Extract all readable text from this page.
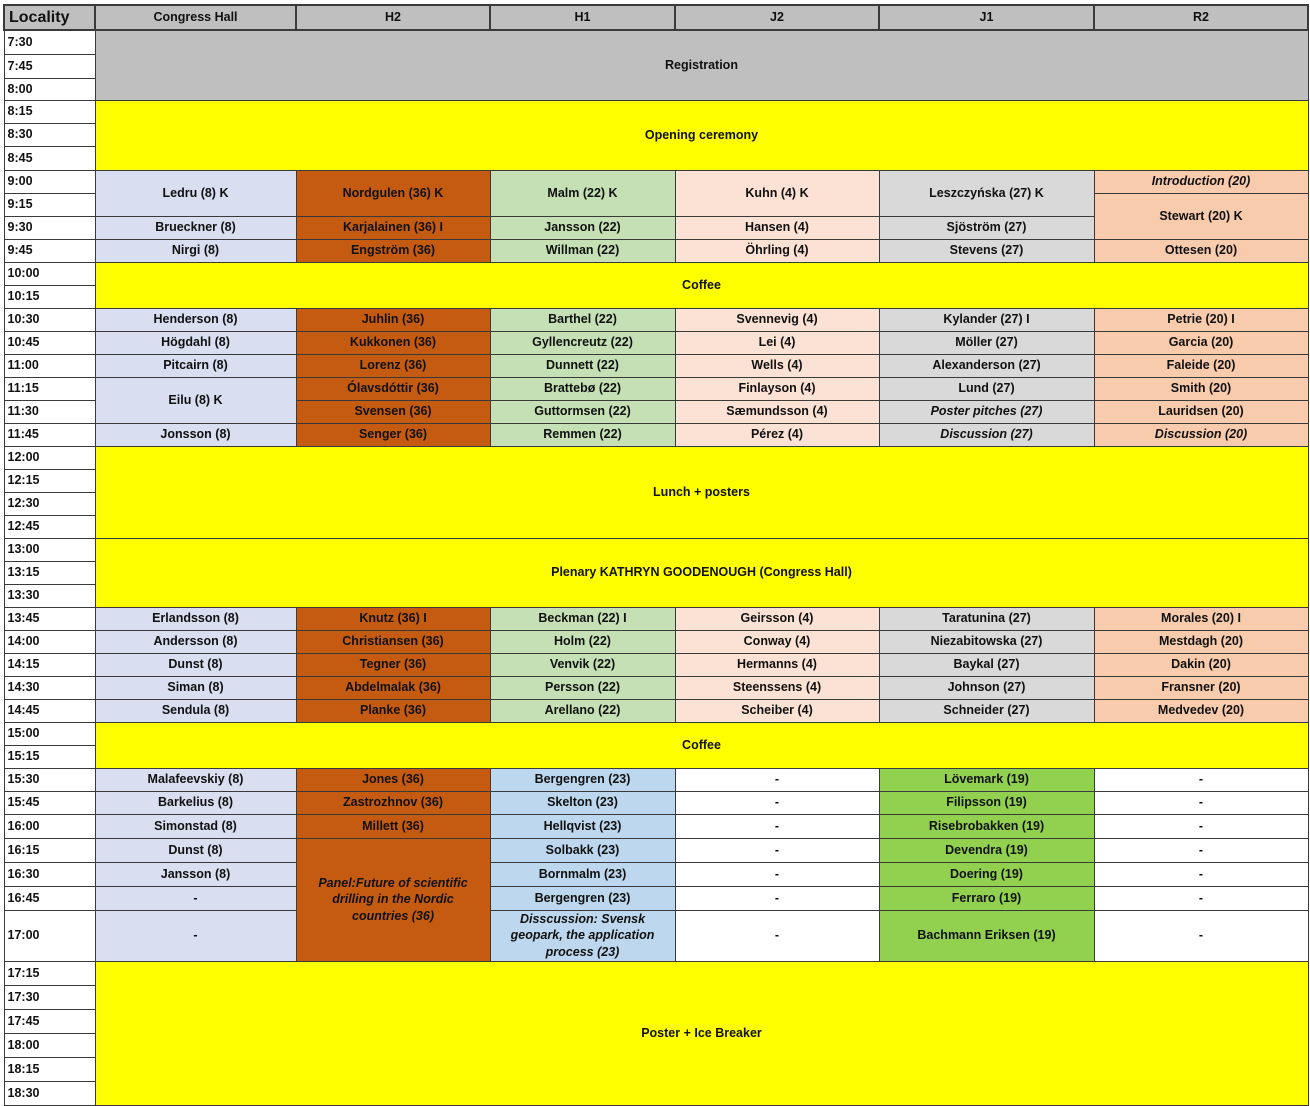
Locality	Congress Hall	H2	H1	J2	J1	R2
7:30	Registration					
7:45						
8:00						
8:15	Opening ceremony					
8:30						
8:45						
9:00	Ledru (8) K	Nordgulen (36) K	Malm (22) K	Kuhn (4) K	Leszczyńska (27) K	Introduction (20)
9:15						Stewart (20) K
9:30	Brueckner (8)	Karjalainen (36) I	Jansson (22)	Hansen (4)	Sjöström (27)	
9:45	Nirgi (8)	Engström (36)	Willman (22)	Öhrling (4)	Stevens (27)	Ottesen (20)
10:00	Coffee					
10:15						
10:30	Henderson (8)	Juhlin (36)	Barthel (22)	Svennevig (4)	Kylander (27) I	Petrie (20) I
10:45	Högdahl (8)	Kukkonen (36)	Gyllencreutz (22)	Lei (4)	Möller (27)	Garcia (20)
11:00	Pitcairn (8)	Lorenz (36)	Dunnett (22)	Wells (4)	Alexanderson (27)	Faleide (20)
11:15	Eilu (8) K	Ólavsdóttir (36)	Brattebø (22)	Finlayson (4)	Lund (27)	Smith (20)
11:30		Svensen (36)	Guttormsen (22)	Sæmundsson (4)	Poster pitches (27)	Lauridsen (20)
11:45	Jonsson (8)	Senger (36)	Remmen (22)	Pérez (4)	Discussion (27)	Discussion (20)
12:00	Lunch + posters					
12:15						
12:30						
12:45						
13:00	Plenary KATHRYN GOODENOUGH (Congress Hall)					
13:15						
13:30						
13:45	Erlandsson (8)	Knutz (36) I	Beckman (22) I	Geirsson (4)	Taratunina (27)	Morales (20) I
14:00	Andersson (8)	Christiansen (36)	Holm (22)	Conway (4)	Niezabitowska (27)	Mestdagh (20)
14:15	Dunst (8)	Tegner (36)	Venvik (22)	Hermanns (4)	Baykal (27)	Dakin (20)
14:30	Siman (8)	Abdelmalak (36)	Persson (22)	Steenssens (4)	Johnson (27)	Fransner (20)
14:45	Sendula (8)	Planke (36)	Arellano (22)	Scheiber (4)	Schneider (27)	Medvedev (20)
15:00	Coffee					
15:15						
15:30	Malafeevskiy (8)	Jones (36)	Bergengren (23)	-	Lövemark (19)	-
15:45	Barkelius (8)	Zastrozhnov (36)	Skelton (23)	-	Filipsson (19)	-
16:00	Simonstad (8)	Millett (36)	Hellqvist (23)	-	Risebrobakken (19)	-
16:15	Dunst (8)	Panel:Future of scientific drilling in the Nordic countries (36)	Solbakk (23)	-	Devendra (19)	-
16:30	Jansson (8)		Bornmalm (23)	-	Doering (19)	-
16:45	-		Bergengren (23)	-	Ferraro (19)	-
17:00	-		Disscussion: Svensk geopark, the application process (23)	-	Bachmann Eriksen (19)	-
17:15	Poster + Ice Breaker					
17:30						
17:45						
18:00						
18:15						
18:30						
